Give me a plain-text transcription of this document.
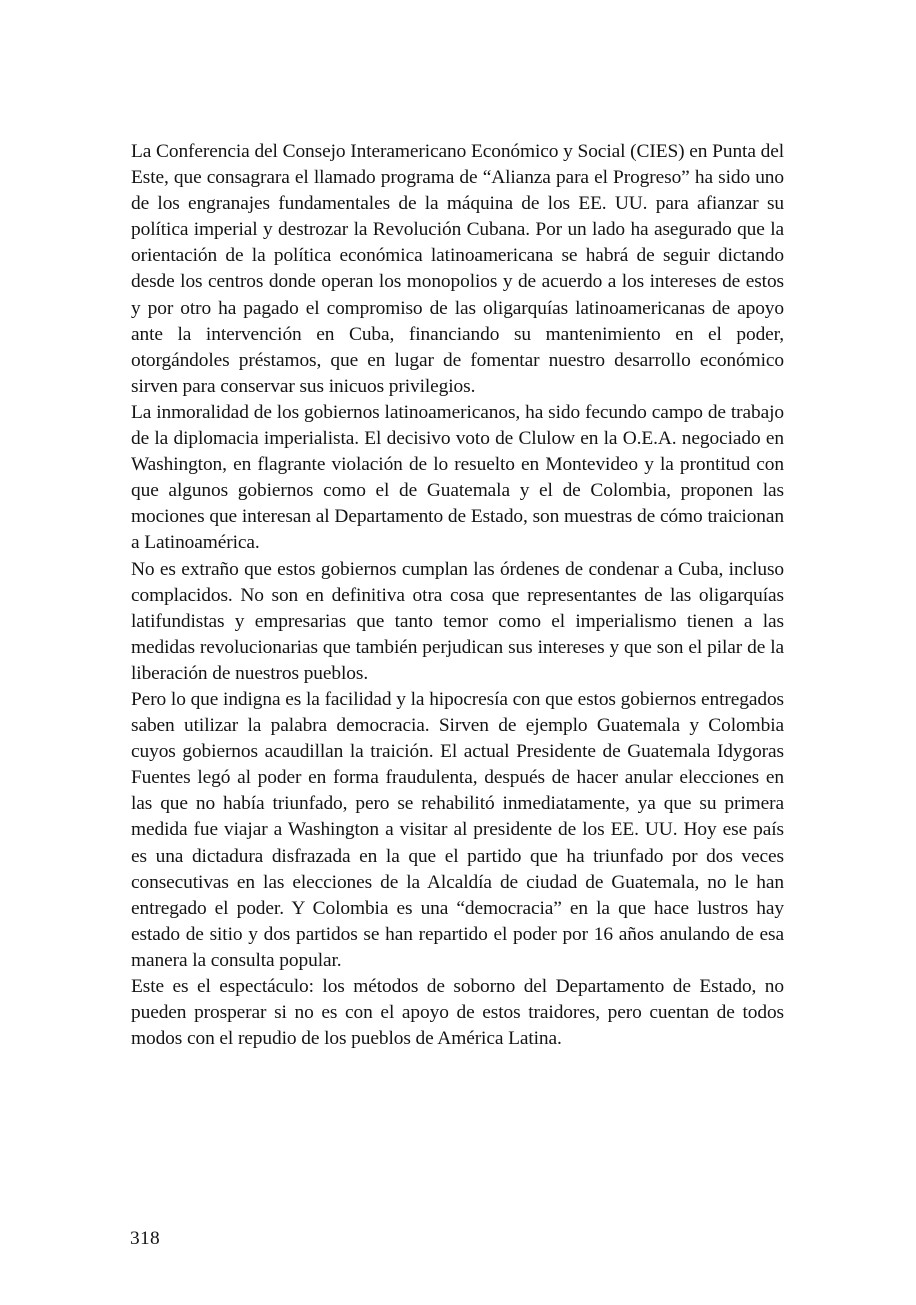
La Conferencia del Consejo Interamericano Económico y Social (CIES) en Punta del Este, que consagrara el llamado programa de “Alianza para el Progreso” ha sido uno de los engranajes fundamentales de la máquina de los EE. UU. para afianzar su política imperial y destrozar la Revolución Cubana. Por un lado ha asegurado que la orientación de la política económica latinoamericana se habrá de seguir dictando desde los centros donde operan los monopolios y de acuerdo a los intereses de estos y por otro ha pagado el compromiso de las oligarquías latinoamericanas de apoyo ante la intervención en Cuba, financiando su mantenimiento en el poder, otorgándoles préstamos, que en lugar de fomentar nuestro desarrollo económico sirven para conservar sus inicuos privilegios.

La inmoralidad de los gobiernos latinoamericanos, ha sido fecundo campo de trabajo de la diplomacia imperialista. El decisivo voto de Clulow en la O.E.A. negociado en Washington, en flagrante violación de lo resuelto en Montevideo y la prontitud con que algunos gobiernos como el de Guatemala y el de Colombia, proponen las mociones que interesan al Departamento de Estado, son muestras de cómo traicionan a Latinoamérica.

No es extraño que estos gobiernos cumplan las órdenes de condenar a Cuba, incluso complacidos. No son en definitiva otra cosa que representantes de las oligarquías latifundistas y empresarias que tanto temor como el imperialismo tienen a las medidas revolucionarias que también perjudican sus intereses y que son el pilar de la liberación de nuestros pueblos.

Pero lo que indigna es la facilidad y la hipocresía con que estos gobiernos entregados saben utilizar la palabra democracia. Sirven de ejemplo Guatemala y Colombia cuyos gobiernos acaudillan la traición. El actual Presidente de Guatemala Idygoras Fuentes legó al poder en forma fraudulenta, después de hacer anular elecciones en las que no había triunfado, pero se rehabilitó inmediatamente, ya que su primera medida fue viajar a Washington a visitar al presidente de los EE. UU. Hoy ese país es una dictadura disfrazada en la que el partido que ha triunfado por dos veces consecutivas en las elecciones de la Alcaldía de ciudad de Guatemala, no le han entregado el poder. Y Colombia es una “democracia” en la que hace lustros hay estado de sitio y dos partidos se han repartido el poder por 16 años anulando de esa manera la consulta popular.

Este es el espectáculo: los métodos de soborno del Departamento de Estado, no pueden prosperar si no es con el apoyo de estos traidores, pero cuentan de todos modos con el repudio de los pueblos de América Latina.

318
